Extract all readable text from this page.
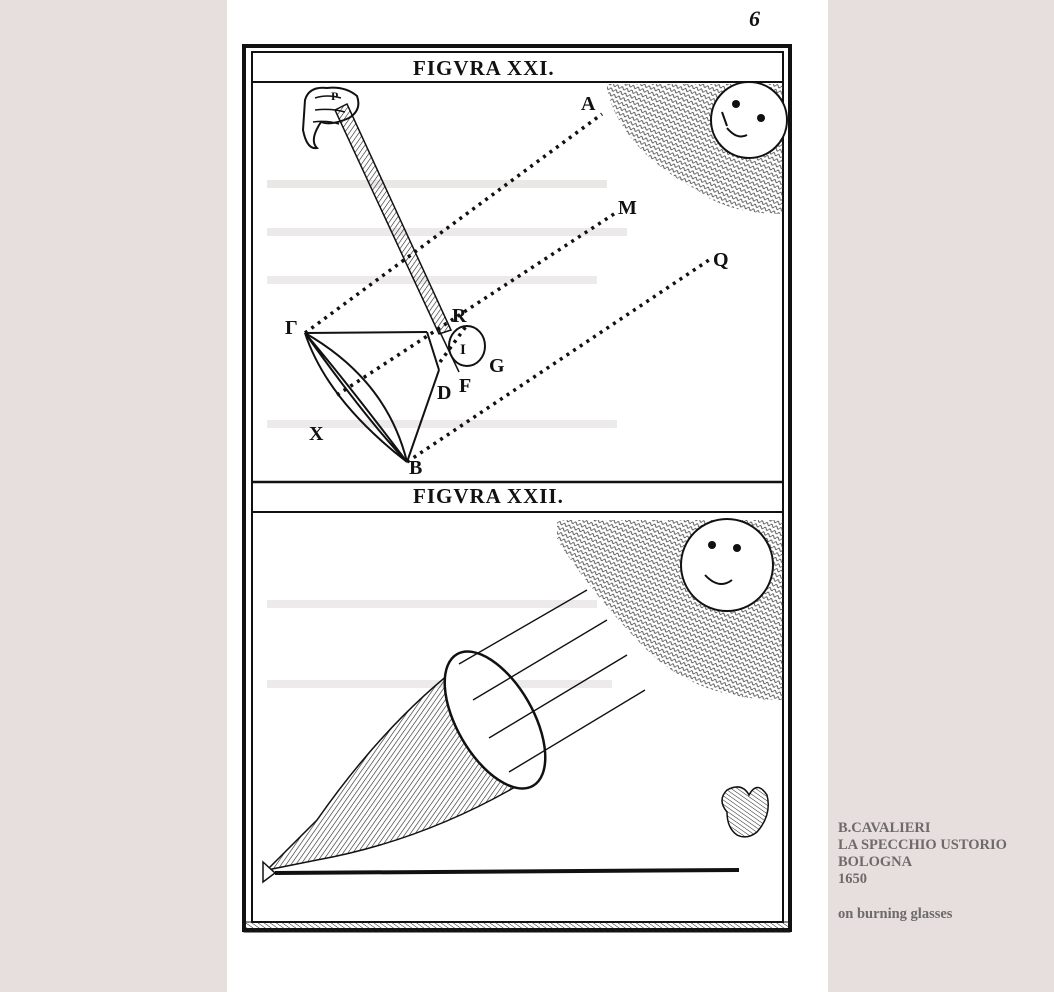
A
M
Q
R
I
G
D F
Γ
X
B
P
6
FIGVRA XXI.
FIGVRA XXII.
B.CAVALIERI
LA SPECCHIO USTORIO
BOLOGNA
1650
on burning glasses
